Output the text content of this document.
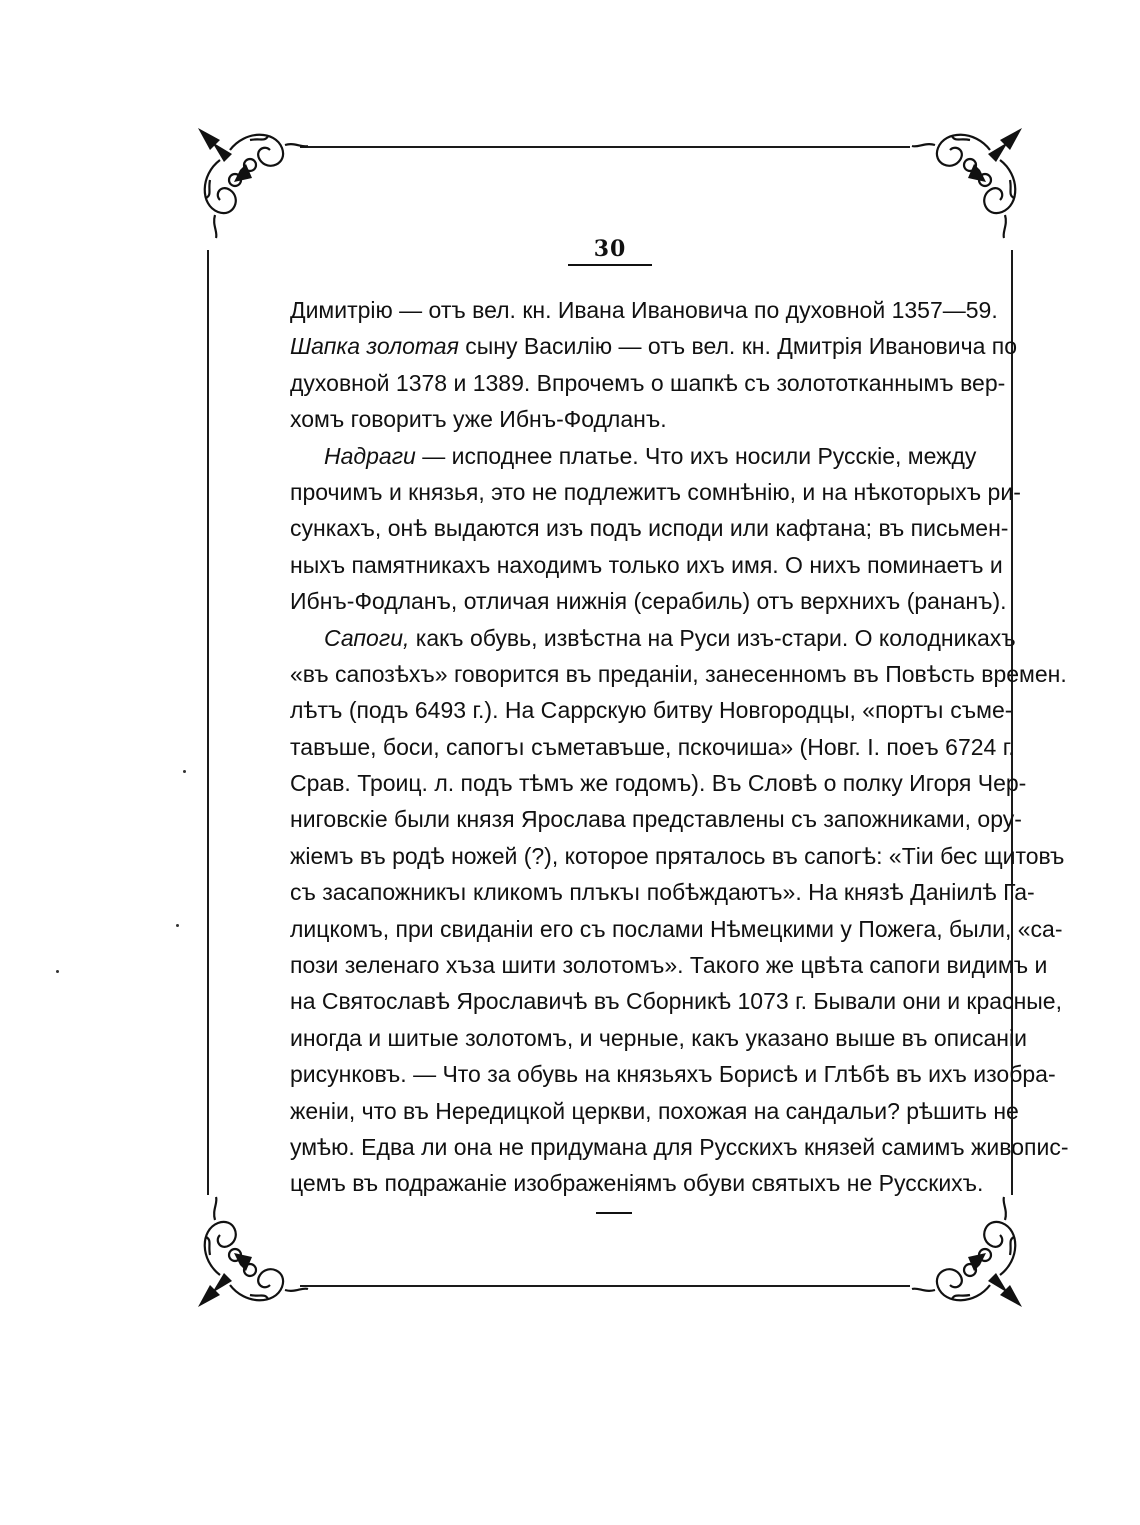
30
Димитрію — отъ вел. кн. Ивана Ивановича по духовной 1357—59.
Шапка золотая сыну Василію — отъ вел. кн. Дмитрія Ивановича по
духовной 1378 и 1389. Впрочемъ о шапкѣ съ золототканнымъ вер-
хомъ говоритъ уже Ибнъ-Фодланъ.
Надраги — исподнее платье. Что ихъ носили Русскіе, между
прочимъ и князья, это не подлежитъ сомнѣнію, и на нѣкоторыхъ ри-
сункахъ, онѣ выдаются изъ подъ исподи или кафтана; въ письмен-
ныхъ памятникахъ находимъ только ихъ имя. О нихъ поминаетъ и
Ибнъ-Фодланъ, отличая нижнія (серабиль) отъ верхнихъ (рананъ).
Сапоги, какъ обувь, извѣстна на Руси изъ-стари. О колодникахъ
«въ сапозѣхъ» говорится въ преданіи, занесенномъ въ Повѣсть времен.
лѣтъ (подъ 6493 г.). На Саррскую битву Новгородцы, «портъı съме-
тавъше, боси, сапогъı съметавъше, пскочиша» (Новг. I. поеъ 6724 г.
Срав. Троиц. л. подъ тѣмъ же годомъ). Въ Словѣ о полку Игоря Чер-
ниговскіе были князя Ярослава представлены съ запожниками, ору-
жіемъ въ родѣ ножей (?), которое пряталось въ сапогѣ: «Тіи бес щитовъ
съ засапожникъı кликомъ плъкъı побѣждаютъ». На князѣ Даніилѣ Га-
лицкомъ, при свиданіи его съ послами Нѣмецкими у Пожега, были, «са-
пози зеленаго хъза шити золотомъ». Такого же цвѣта сапоги видимъ и
на Святославѣ Ярославичѣ въ Сборникѣ 1073 г. Бывали они и красные,
иногда и шитые золотомъ, и черные, какъ указано выше въ описаніи
рисунковъ. — Что за обувь на князьяхъ Борисѣ и Глѣбѣ въ ихъ изобра-
женіи, что въ Нередицкой церкви, похожая на сандальи? рѣшить не
умѣю. Едва ли она не придумана для Русскихъ князей самимъ живопис-
цемъ въ подражаніе изображеніямъ обуви святыхъ не Русскихъ.
